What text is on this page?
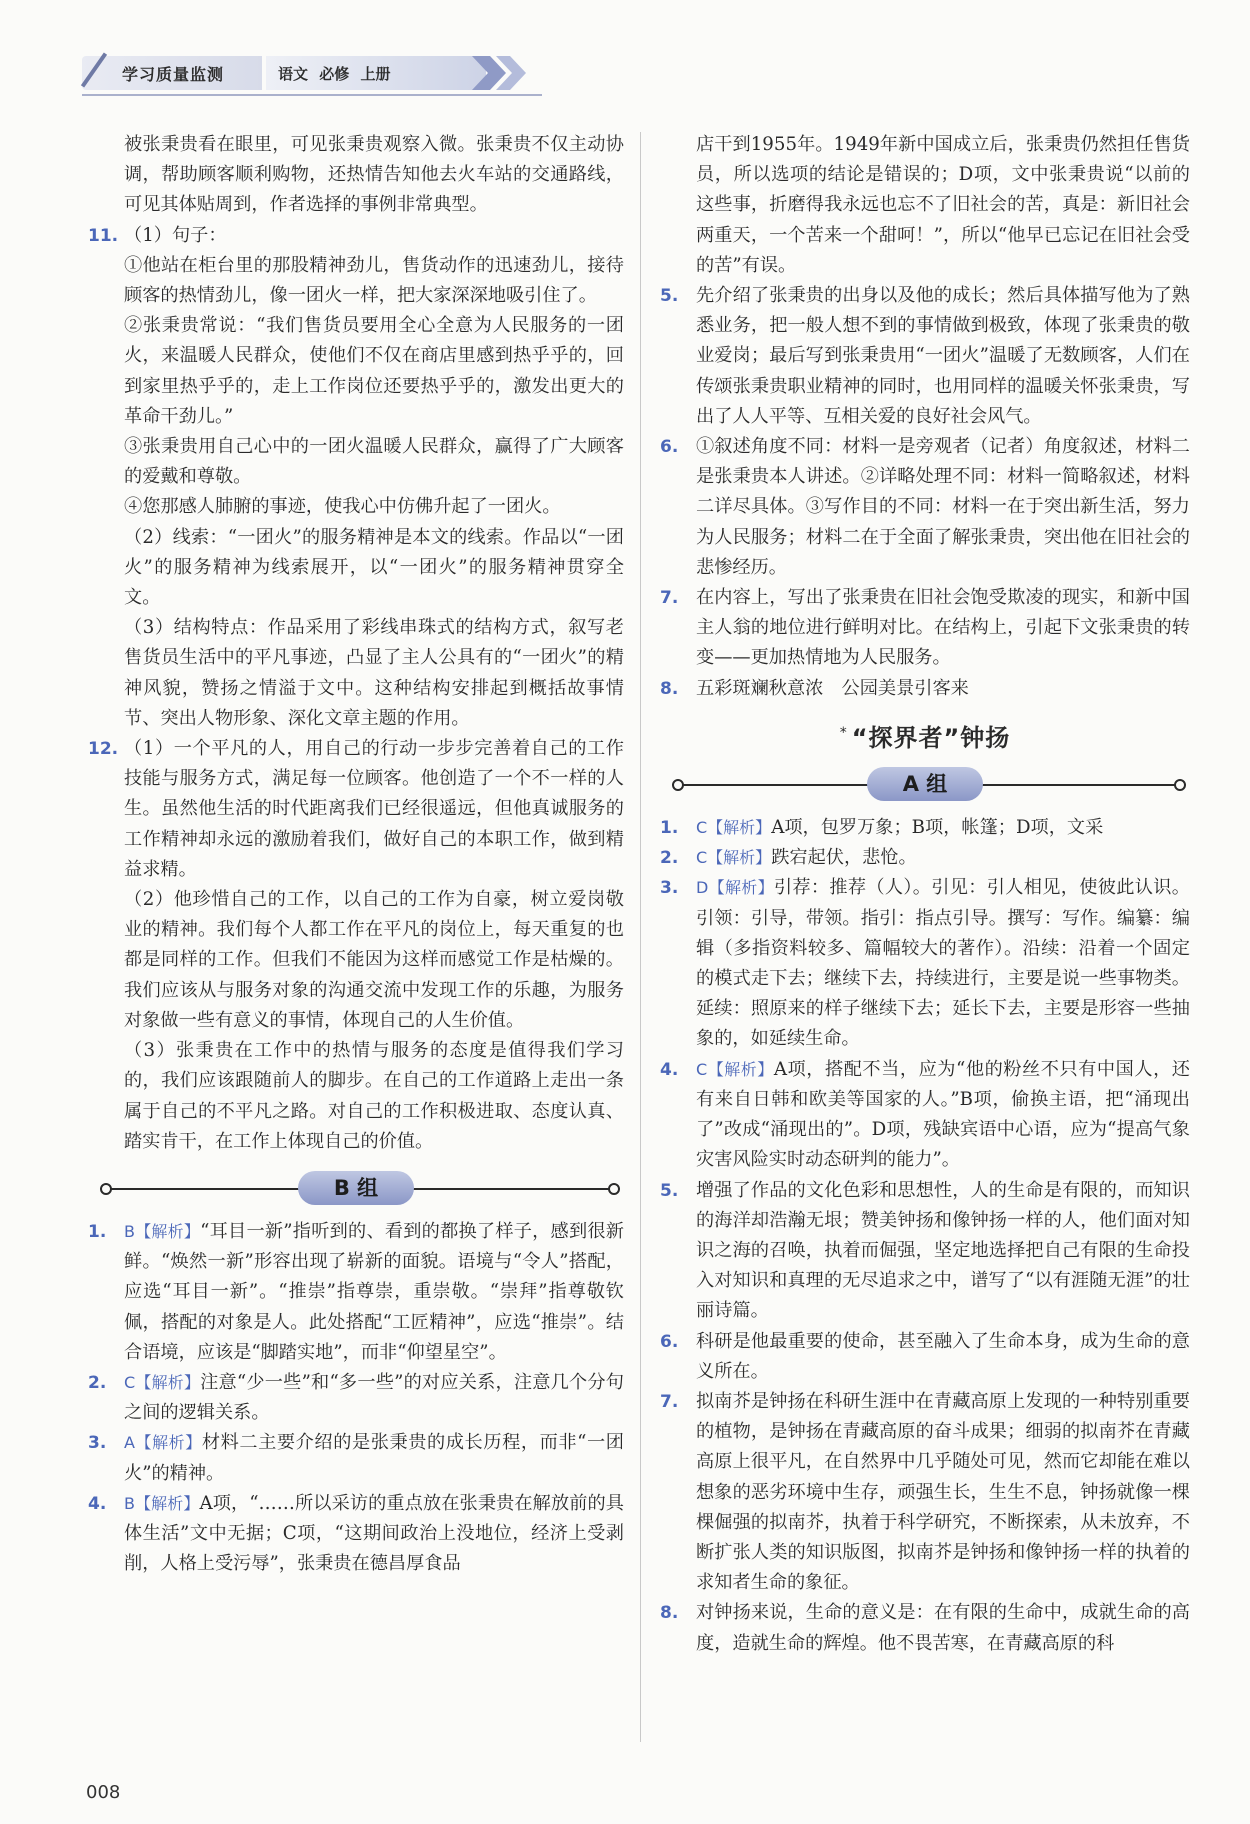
学习质量监测	语文 必修 上册

被张秉贵看在眼里，可见张秉贵观察入微。张秉贵不仅主动协调，帮助顾客顺利购物，还热情告知他去火车站的交通路线，可见其体贴周到，作者选择的事例非常典型。

11. （1）句子：
①他站在柜台里的那股精神劲儿，售货动作的迅速劲儿，接待顾客的热情劲儿，像一团火一样，把大家深深地吸引住了。
②张秉贵常说：“我们售货员要用全心全意为人民服务的一团火，来温暖人民群众，使他们不仅在商店里感到热乎乎的，回到家里热乎乎的，走上工作岗位还要热乎乎的，激发出更大的革命干劲儿。”
③张秉贵用自己心中的一团火温暖人民群众，赢得了广大顾客的爱戴和尊敬。
④您那感人肺腑的事迹，使我心中仿佛升起了一团火。
（2）线索：“一团火”的服务精神是本文的线索。作品以“一团火”的服务精神为线索展开，以“一团火”的服务精神贯穿全文。
（3）结构特点：作品采用了彩线串珠式的结构方式，叙写老售货员生活中的平凡事迹，凸显了主人公具有的“一团火”的精神风貌，赞扬之情溢于文中。这种结构安排起到概括故事情节、突出人物形象、深化文章主题的作用。
12. （1）一个平凡的人，用自己的行动一步步完善着自己的工作技能与服务方式，满足每一位顾客。他创造了一个不一样的人生。虽然他生活的时代距离我们已经很遥远，但他真诚服务的工作精神却永远的激励着我们，做好自己的本职工作，做到精益求精。
（2）他珍惜自己的工作，以自己的工作为自豪，树立爱岗敬业的精神。我们每个人都工作在平凡的岗位上，每天重复的也都是同样的工作。但我们不能因为这样而感觉工作是枯燥的。我们应该从与服务对象的沟通交流中发现工作的乐趣，为服务对象做一些有意义的事情，体现自己的人生价值。
（3）张秉贵在工作中的热情与服务的态度是值得我们学习的，我们应该跟随前人的脚步。在自己的工作道路上走出一条属于自己的不平凡之路。对自己的工作积极进取、态度认真、踏实肯干，在工作上体现自己的价值。
B 组
1.	B【解析】“耳目一新”指听到的、看到的都换了样子，感到很新鲜。“焕然一新”形容出现了崭新的面貌。语境与“令人”搭配，应选“耳目一新”。“推崇”指尊崇，重崇敬。“崇拜”指尊敬钦佩，搭配的对象是人。此处搭配“工匠精神”，应选“推崇”。结合语境，应该是“脚踏实地”，而非“仰望星空”。
2.	C【解析】注意“少一些”和“多一些”的对应关系，注意几个分句之间的逻辑关系。
3.	A【解析】材料二主要介绍的是张秉贵的成长历程，而非“一团火”的精神。
4.	B【解析】A项，“……所以采访的重点放在张秉贵在解放前的具体生活”文中无据；C项，“这期间政治上没地位，经济上受剥削，人格上受污辱”，张秉贵在德昌厚食品

店干到1955年。1949年新中国成立后，张秉贵仍然担任售货员，所以选项的结论是错误的；D项，文中张秉贵说“以前的这些事，折磨得我永远也忘不了旧社会的苦，真是：新旧社会两重天，一个苦来一个甜呵！”，所以“他早已忘记在旧社会受的苦”有误。

5. 先介绍了张秉贵的出身以及他的成长；然后具体描写他为了熟悉业务，把一般人想不到的事情做到极致，体现了张秉贵的敬业爱岗；最后写到张秉贵用“一团火”温暖了无数顾客，人们在传颂张秉贵职业精神的同时，也用同样的温暖关怀张秉贵，写出了人人平等、互相关爱的良好社会风气。
6. ①叙述角度不同：材料一是旁观者（记者）角度叙述，材料二是张秉贵本人讲述。②详略处理不同：材料一简略叙述，材料二详尽具体。③写作目的不同：材料一在于突出新生活，努力为人民服务；材料二在于全面了解张秉贵，突出他在旧社会的悲惨经历。
7. 在内容上，写出了张秉贵在旧社会饱受欺凌的现实，和新中国主人翁的地位进行鲜明对比。在结构上，引起下文张秉贵的转变——更加热情地为人民服务。
8. 五彩斑斓秋意浓　公园美景引客来
* “探界者”钟扬
A 组
1.	C【解析】A项，包罗万象；B项，帐篷；D项，文采
2.	C【解析】跌宕起伏，悲怆。
3.	D【解析】引荐：推荐（人）。引见：引人相见，使彼此认识。引领：引导，带领。指引：指点引导。撰写：写作。编纂：编辑（多指资料较多、篇幅较大的著作）。沿续：沿着一个固定的模式走下去；继续下去，持续进行，主要是说一些事物类。延续：照原来的样子继续下去；延长下去，主要是形容一些抽象的，如延续生命。
4.	C【解析】A项，搭配不当，应为“他的粉丝不只有中国人，还有来自日韩和欧美等国家的人。”B项，偷换主语，把“涌现出了”改成“涌现出的”。D项，残缺宾语中心语，应为“提高气象灾害风险实时动态研判的能力”。
5. 增强了作品的文化色彩和思想性，人的生命是有限的，而知识的海洋却浩瀚无垠；赞美钟扬和像钟扬一样的人，他们面对知识之海的召唤，执着而倔强，坚定地选择把自己有限的生命投入对知识和真理的无尽追求之中，谱写了“以有涯随无涯”的壮丽诗篇。
6. 科研是他最重要的使命，甚至融入了生命本身，成为生命的意义所在。
7. 拟南芥是钟扬在科研生涯中在青藏高原上发现的一种特别重要的植物，是钟扬在青藏高原的奋斗成果；细弱的拟南芥在青藏高原上很平凡，在自然界中几乎随处可见，然而它却能在难以想象的恶劣环境中生存，顽强生长，生生不息，钟扬就像一棵棵倔强的拟南芥，执着于科学研究，不断探索，从未放弃，不断扩张人类的知识版图，拟南芥是钟扬和像钟扬一样的执着的求知者生命的象征。
8. 对钟扬来说，生命的意义是：在有限的生命中，成就生命的高度，造就生命的辉煌。他不畏苦寒，在青藏高原的科
008
